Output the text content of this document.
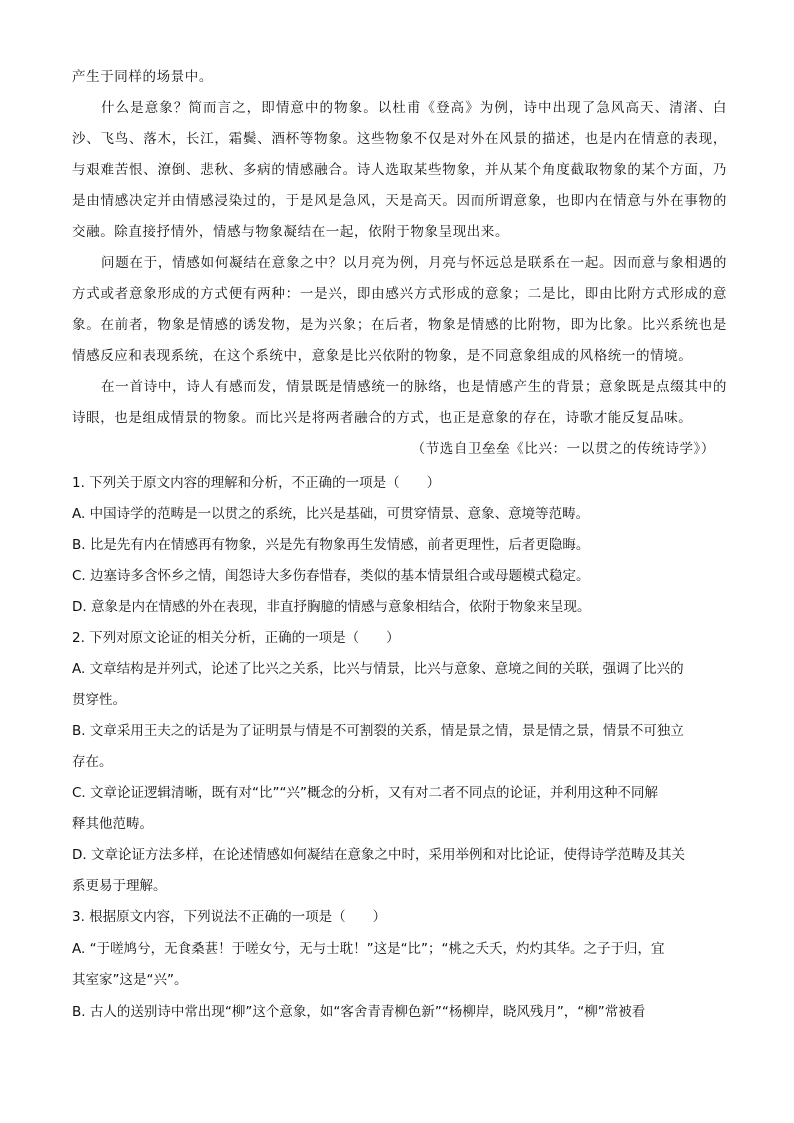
产生于同样的场景中。

什么是意象？简而言之，即情意中的物象。以杜甫《登高》为例，诗中出现了急风高天、清渚、白沙、飞鸟、落木，长江，霜鬓、酒杯等物象。这些物象不仅是对外在风景的描述，也是内在情意的表现，与艰难苦恨、潦倒、悲秋、多病的情感融合。诗人选取某些物象，并从某个角度截取物象的某个方面，乃是由情感决定并由情感浸染过的，于是风是急风，天是高天。因而所谓意象，也即内在情意与外在事物的交融。除直接抒情外，情感与物象凝结在一起，依附于物象呈现出来。

问题在于，情感如何凝结在意象之中？以月亮为例，月亮与怀远总是联系在一起。因而意与象相遇的方式或者意象形成的方式便有两种：一是兴，即由感兴方式形成的意象；二是比，即由比附方式形成的意象。在前者，物象是情感的诱发物，是为兴象；在后者，物象是情感的比附物，即为比象。比兴系统也是情感反应和表现系统，在这个系统中，意象是比兴依附的物象，是不同意象组成的风格统一的情境。

在一首诗中，诗人有感而发，情景既是情感统一的脉络，也是情感产生的背景；意象既是点缀其中的诗眼，也是组成情景的物象。而比兴是将两者融合的方式，也正是意象的存在，诗歌才能反复品味。

（节选自卫垒垒《比兴：一以贯之的传统诗学》）

1. 下列关于原文内容的理解和分析，不正确的一项是（　　）
A. 中国诗学的范畴是一以贯之的系统，比兴是基础，可贯穿情景、意象、意境等范畴。
B. 比是先有内在情感再有物象，兴是先有物象再生发情感，前者更理性，后者更隐晦。
C. 边塞诗多含怀乡之情，闺怨诗大多伤春惜春，类似的基本情景组合或母题模式稳定。
D. 意象是内在情感的外在表现，非直抒胸臆的情感与意象相结合，依附于物象来呈现。
2. 下列对原文论证的相关分析，正确的一项是（　　）
A. 文章结构是并列式，论述了比兴之关系，比兴与情景，比兴与意象、意境之间的关联，强调了比兴的
贯穿性。
B. 文章采用王夫之的话是为了证明景与情是不可割裂的关系，情是景之情，景是情之景，情景不可独立
存在。
C. 文章论证逻辑清晰，既有对“比”“兴”概念的分析，又有对二者不同点的论证，并利用这种不同解
释其他范畴。
D. 文章论证方法多样，在论述情感如何凝结在意象之中时，采用举例和对比论证，使得诗学范畴及其关
系更易于理解。
3. 根据原文内容，下列说法不正确的一项是（　　）
A. “于嗟鸠兮，无食桑葚！于嗟女兮，无与士耽！”这是“比”；“桃之夭夭，灼灼其华。之子于归，宜
其室家”这是“兴”。
B. 古人的送别诗中常出现“柳”这个意象，如“客舍青青柳色新”“杨柳岸，晓风残月”，“柳”常被看
